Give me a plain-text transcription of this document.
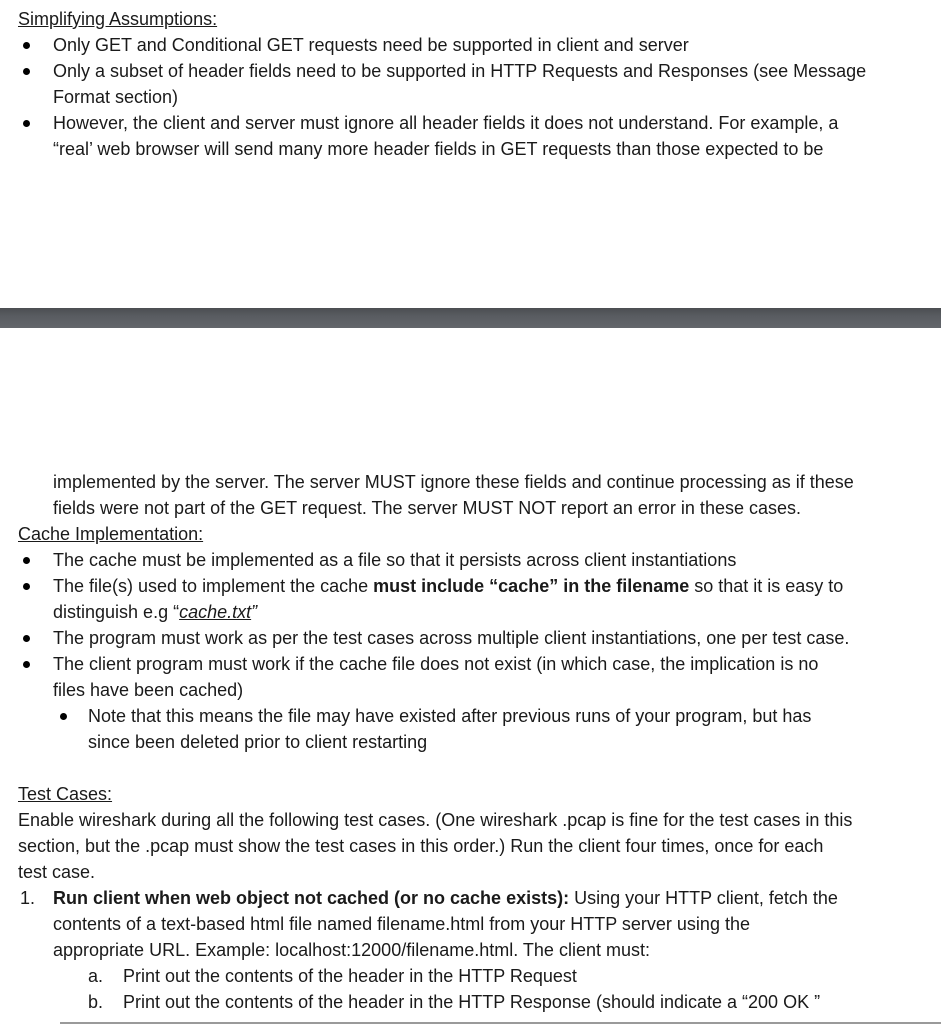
Simplifying Assumptions:
Only GET and Conditional GET requests need be supported in client and server
Only a subset of header fields need to be supported in HTTP Requests and Responses (see Message
Format section)
However, the client and server must ignore all header fields it does not understand. For example, a
“real’ web browser will send many more header fields in GET requests than those expected to be
implemented by the server. The server MUST ignore these fields and continue processing as if these
fields were not part of the GET request. The server MUST NOT report an error in these cases.
Cache Implementation:
The cache must be implemented as a file so that it persists across client instantiations
The file(s) used to implement the cache must include “cache” in the filename so that it is easy to
distinguish e.g “cache.txt”
The program must work as per the test cases across multiple client instantiations, one per test case.
The client program must work if the cache file does not exist (in which case, the implication is no
files have been cached)
Note that this means the file may have existed after previous runs of your program, but has
since been deleted prior to client restarting
Test Cases:
Enable wireshark during all the following test cases. (One wireshark .pcap is fine for the test cases in this
section, but the .pcap must show the test cases in this order.) Run the client four times, once for each
test case.
1. Run client when web object not cached (or no cache exists): Using your HTTP client, fetch the
contents of a text-based html file named filename.html from your HTTP server using the
appropriate URL. Example: localhost:12000/filename.html. The client must:
a. Print out the contents of the header in the HTTP Request
b. Print out the contents of the header in the HTTP Response (should indicate a “200 OK ”
